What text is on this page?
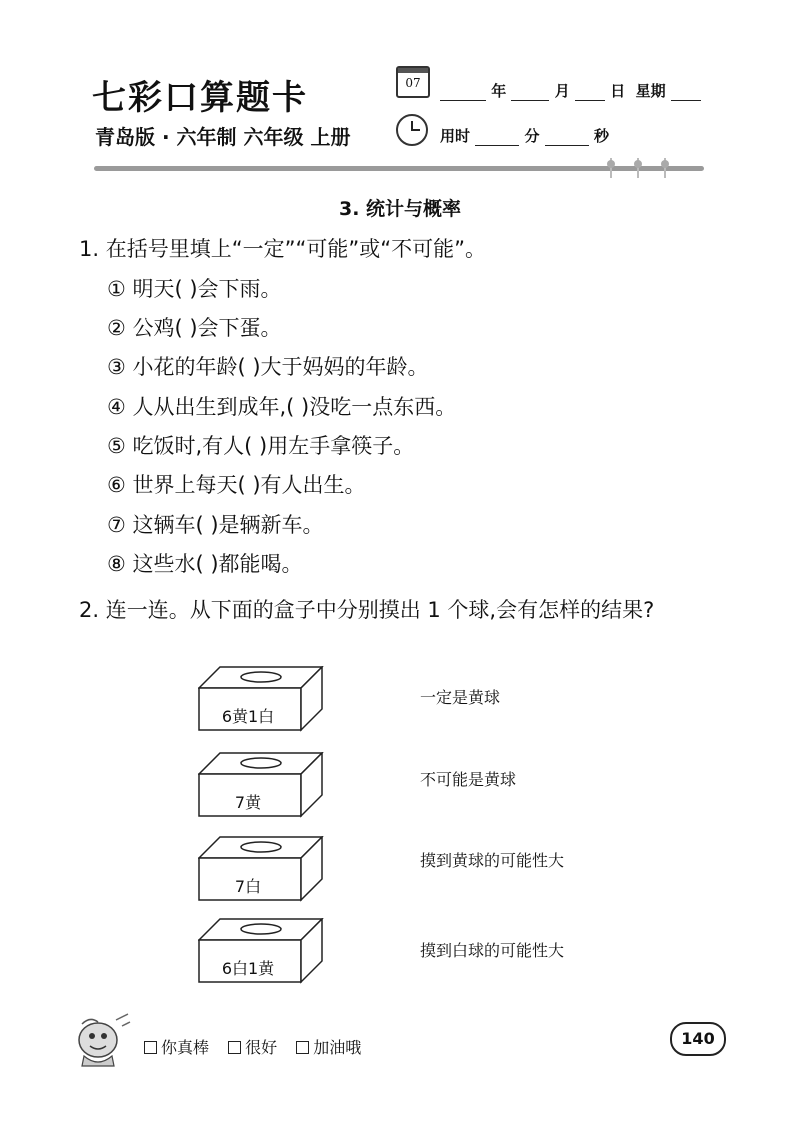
七彩口算题卡
青岛版 · 六年制 六年级 上册
07	年	月	日 星期
用时	分	秒
3. 统计与概率
1. 在括号里填上“一定”“可能”或“不可能”。
① 明天( )会下雨。
② 公鸡( )会下蛋。
③ 小花的年龄( )大于妈妈的年龄。
④ 人从出生到成年,( )没吃一点东西。
⑤ 吃饭时,有人( )用左手拿筷子。
⑥ 世界上每天( )有人出生。
⑦ 这辆车( )是辆新车。
⑧ 这些水( )都能喝。
2. 连一连。从下面的盒子中分别摸出 1 个球,会有怎样的结果?
6黄1白
7黄
7白
6白1黄
一定是黄球
不可能是黄球
摸到黄球的可能性大
摸到白球的可能性大
你真棒 很好 加油哦	140
